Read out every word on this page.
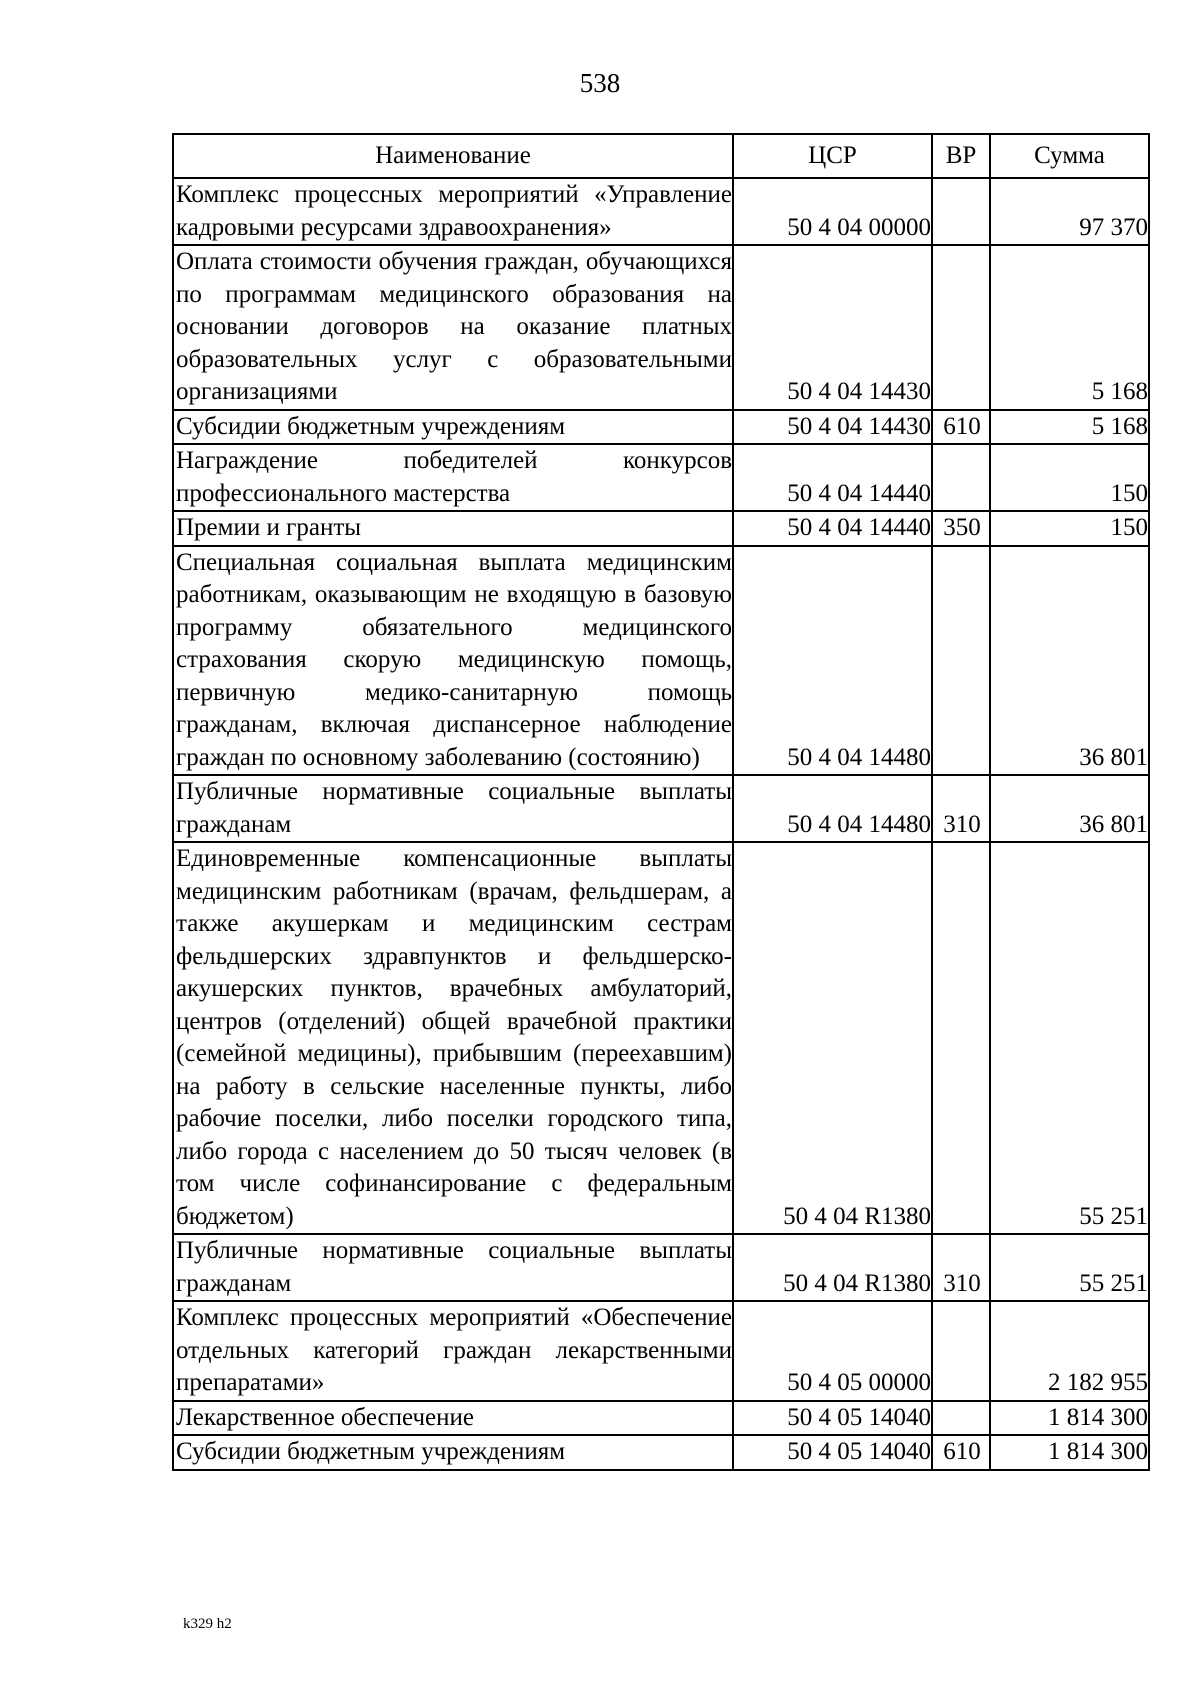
538
Наименование	ЦСР	ВР	Сумма
Комплекс процессных мероприятий «Управление кадровыми ресурсами здравоохранения»	50 4 04 00000		97 370
Оплата стоимости обучения граждан, обучающихся по программам медицинского образования на основании договоров на оказание платных образовательных услуг с образовательными организациями	50 4 04 14430		5 168
Субсидии бюджетным учреждениям	50 4 04 14430	610	5 168
Награждение победителей конкурсов профессионального мастерства	50 4 04 14440		150
Премии и гранты	50 4 04 14440	350	150
Специальная социальная выплата медицинским работникам, оказывающим не входящую в базовую программу обязательного медицинского страхования скорую медицинскую помощь, первичную медико-санитарную помощь гражданам, включая диспансерное наблюдение граждан по основному заболеванию (состоянию)	50 4 04 14480		36 801
Публичные нормативные социальные выплаты гражданам	50 4 04 14480	310	36 801
Единовременные компенсационные выплаты медицинским работникам (врачам, фельдшерам, а также акушеркам и медицинским сестрам фельдшерских здравпунктов и фельдшерско-акушерских пунктов, врачебных амбулаторий, центров (отделений) общей врачебной практики (семейной медицины), прибывшим (переехавшим) на работу в сельские населенные пункты, либо рабочие поселки, либо поселки городского типа, либо города с населением до 50 тысяч человек (в том числе софинансирование с федеральным бюджетом)	50 4 04 R1380		55 251
Публичные нормативные социальные выплаты гражданам	50 4 04 R1380	310	55 251
Комплекс процессных мероприятий «Обеспечение отдельных категорий граждан лекарственными препаратами»	50 4 05 00000		2 182 955
Лекарственное обеспечение	50 4 05 14040		1 814 300
Субсидии бюджетным учреждениям	50 4 05 14040	610	1 814 300
k329 h2
